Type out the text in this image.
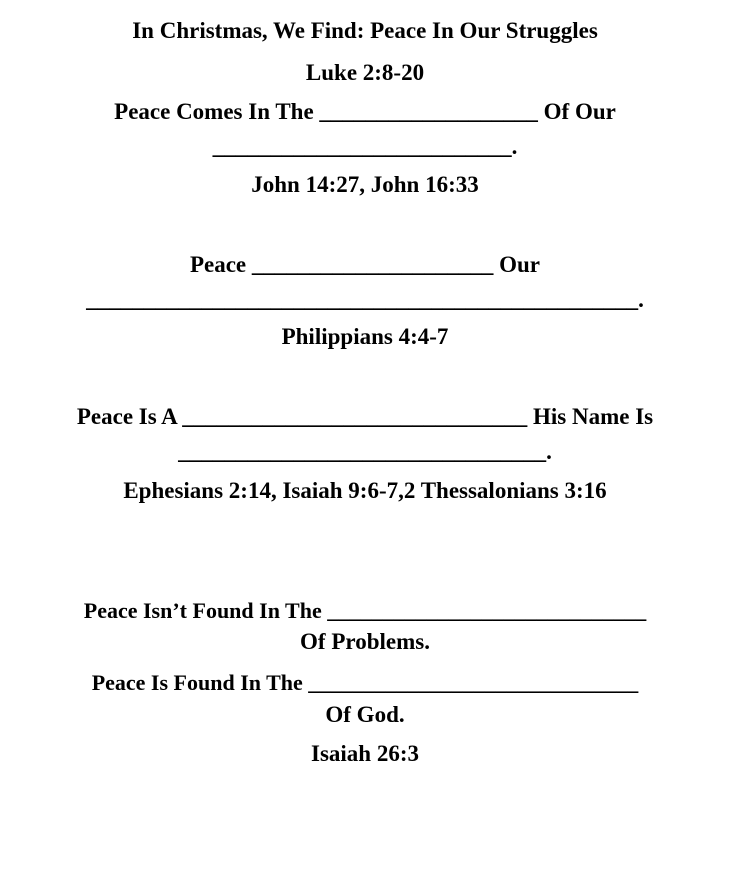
In Christmas, We Find: Peace In Our Struggles
Luke 2:8-20
Peace Comes In The ___________________ Of Our
__________________________.
John 14:27, John 16:33
Peace _____________________ Our
________________________________________________.
Philippians 4:4-7
Peace Is A ______________________________ His Name Is
________________________________.
Ephesians 2:14, Isaiah 9:6-7,2 Thessalonians 3:16
Peace Isn’t Found In The _____________________________
Of Problems.
Peace Is Found In The ______________________________
Of God.
Isaiah 26:3
